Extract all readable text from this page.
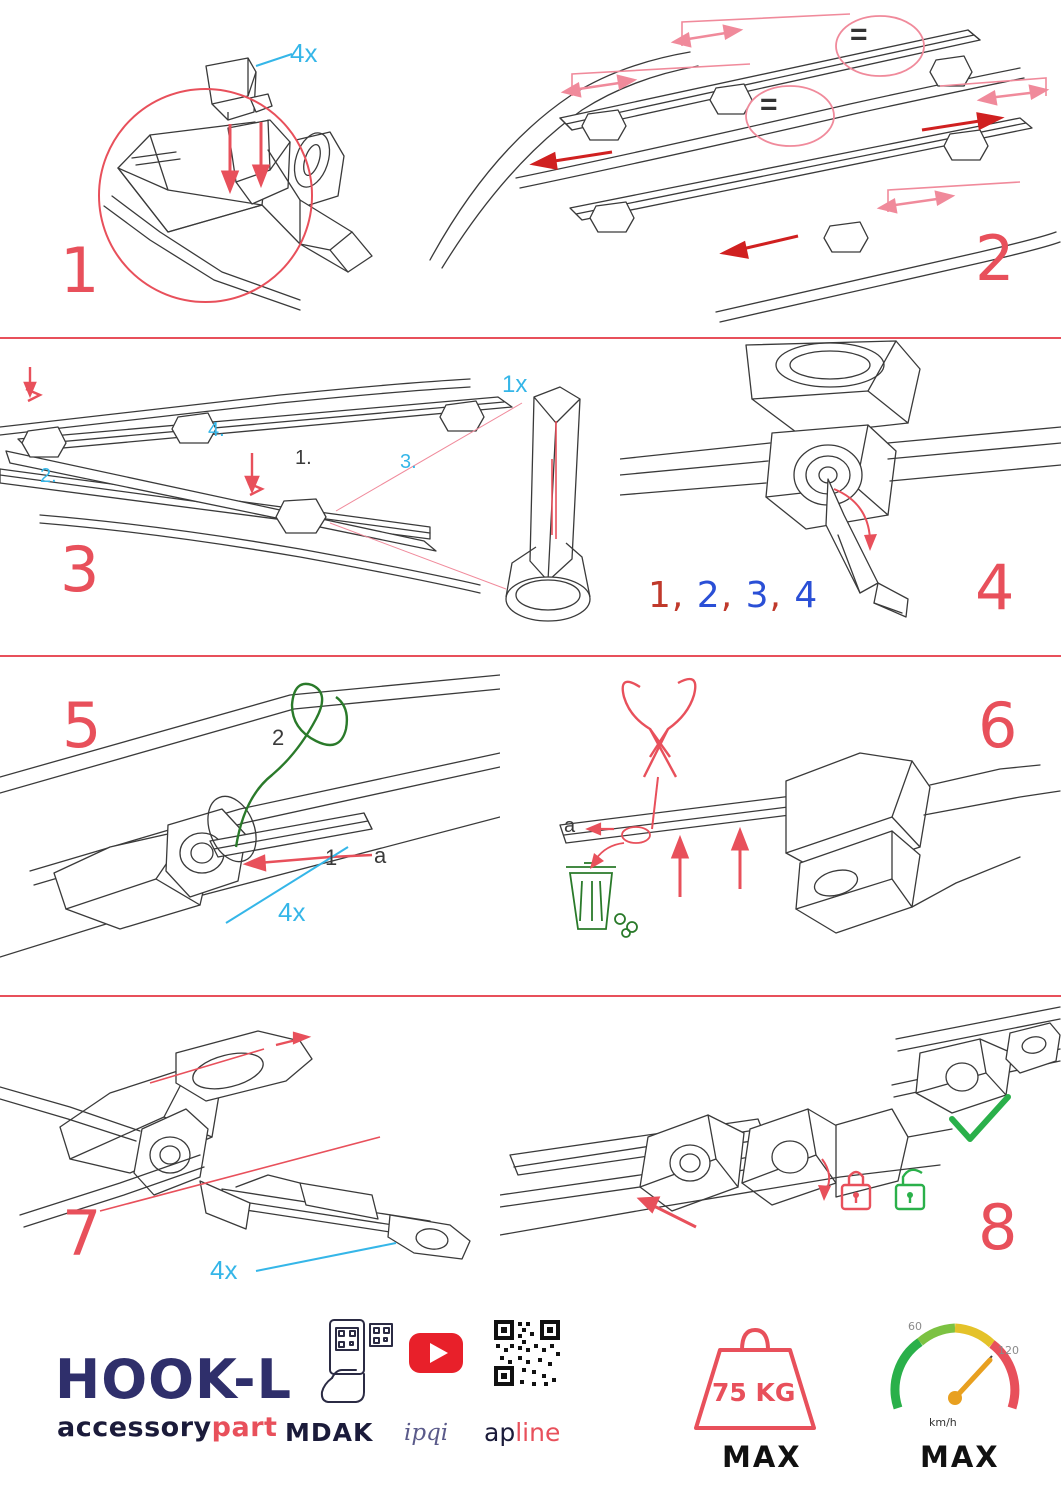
4x
1
=
=
2
1.
2.
3.
4.
1x
3	1, 2, 3, 4	4
1
2
a
4x
5
a
6
4x
7	8
HOOK-L
accessorypart MDAK ipqi apline
75 KG
MAX
60
120
km/h
MAX
